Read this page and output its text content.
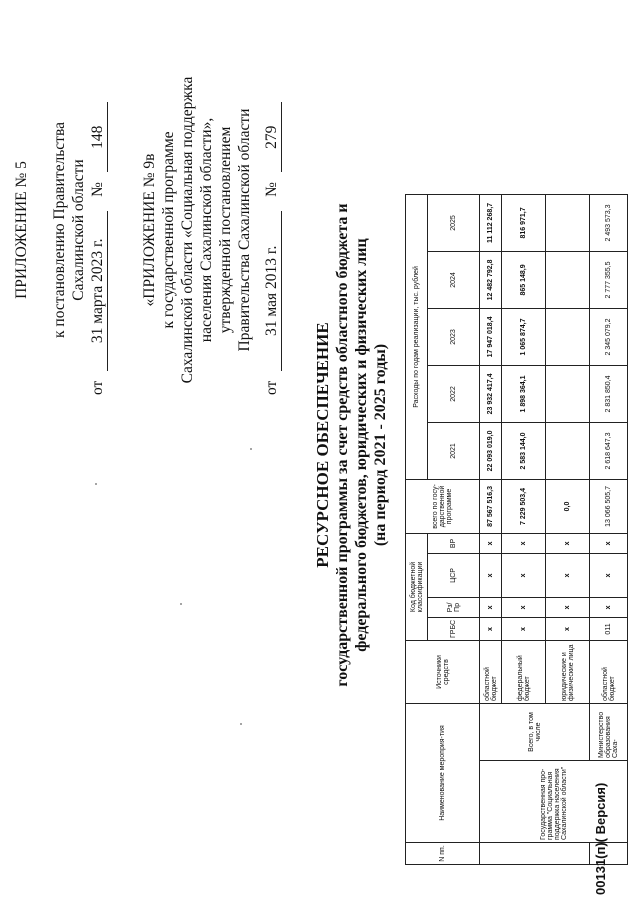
ПРИЛОЖЕНИЕ № 5 к постановлению Правительства Сахалинской области
от 31 марта 2023 г. № 148
«ПРИЛОЖЕНИЕ № 9в к государственной программе Сахалинской области «Социальная поддержка населения Сахалинской области», утвержденной постановлением Правительства Сахалинской области
от 31 мая 2013 г. № 279
РЕСУРСНОЕ ОБЕСПЕЧЕНИЕ государственной программы за счет средств областного бюджета и федерального бюджетов, юридических и физических лиц (на период 2021 - 2025 годы)
N пп.	Наименование мероприя-тия		Источники средств	Код бюджетной классификации				всего по госу-дарственной программе	Расходы по годам реализации, тыс. рублей				
				ГРБС	Рз/ Пр	ЦСР	ВР		2021	2022	2023	2024	2025
	Государственная про-грамма "Социальная поддержка населения Сахалинской области"	Всего, в том числе	областной бюджет	х	х	х	х	87 567 516,3	22 093 019,0	23 932 417,4	17 947 018,4	12 482 792,8	11 112 268,7
			федеральный бюджет	х	х	х	х	7 229 503,4	2 583 144,0	1 898 364,1	1 065 874,7	865 148,9	816 971,7
			юридические и физические лица	х	х	х	х	0,0					
		Министерство образования Саха-	областной бюджет	011	х	х	х	13 066 505,7	2 618 647,3	2 831 850,4	2 345 079,2	2 777 355,5	2 493 573,3
00131(п)( Версия)
